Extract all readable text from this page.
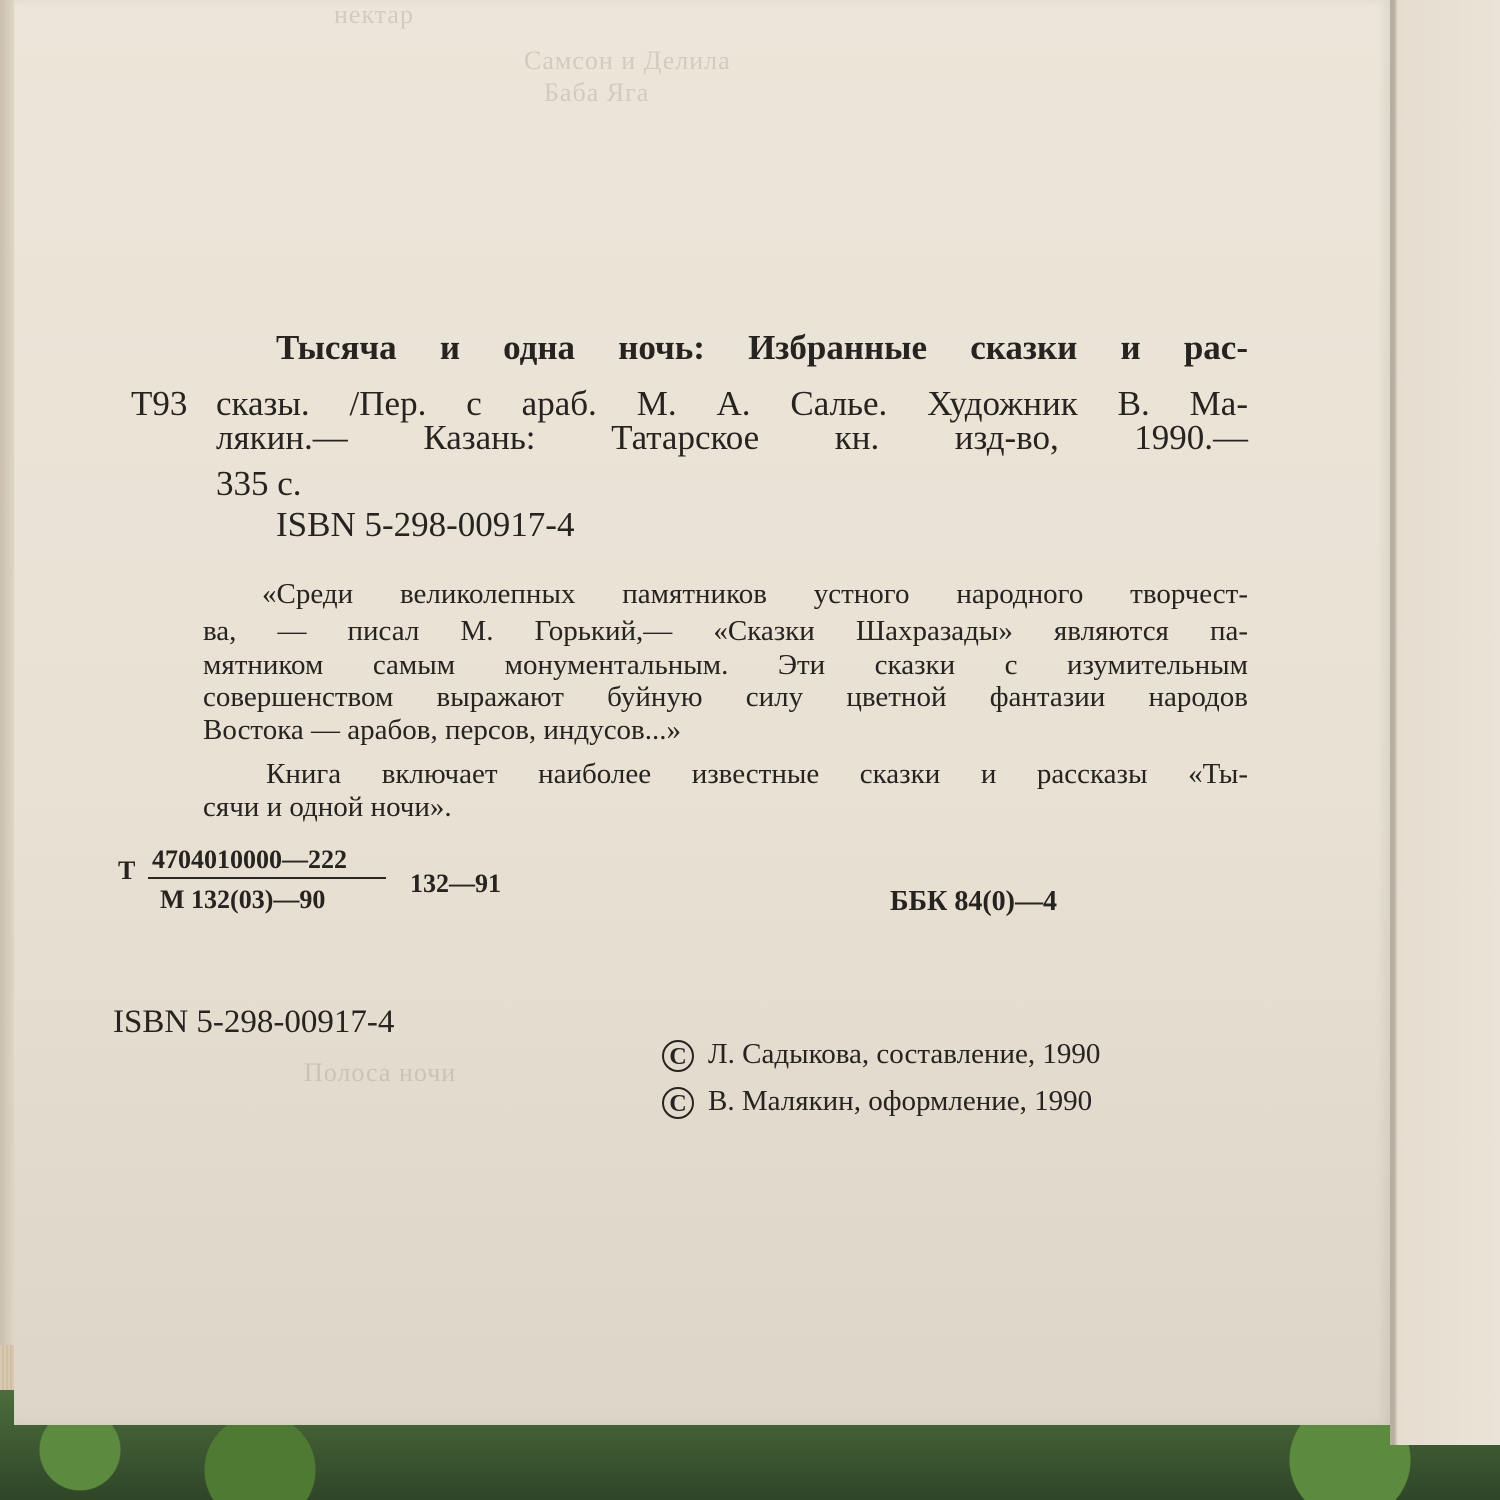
нектар
Самсон и Делила
Баба Яга
Полоса ночи
Тысяча и одна ночь: Избранные сказки и рас-
Т93 сказы. /Пер. с араб. М. А. Салье. Художник В. Ма-
лякин.— Казань: Татарское кн. изд-во, 1990.—
335 с.
ISBN 5-298-00917-4
«Среди великолепных памятников устного народного творчест-
ва, — писал М. Горький,— «Сказки Шахразады» являются па-
мятником самым монументальным. Эти сказки с изумительным
совершенством выражают буйную силу цветной фантазии народов
Востока — арабов, персов, индусов...»
Книга включает наиболее известные сказки и рассказы «Ты-
сячи и одной ночи».
Т 4704010000—222
М 132(03)—90
132—91
ББК 84(0)—4
ISBN 5-298-00917-4
C Л. Садыкова, составление, 1990
C В. Малякин, оформление, 1990
